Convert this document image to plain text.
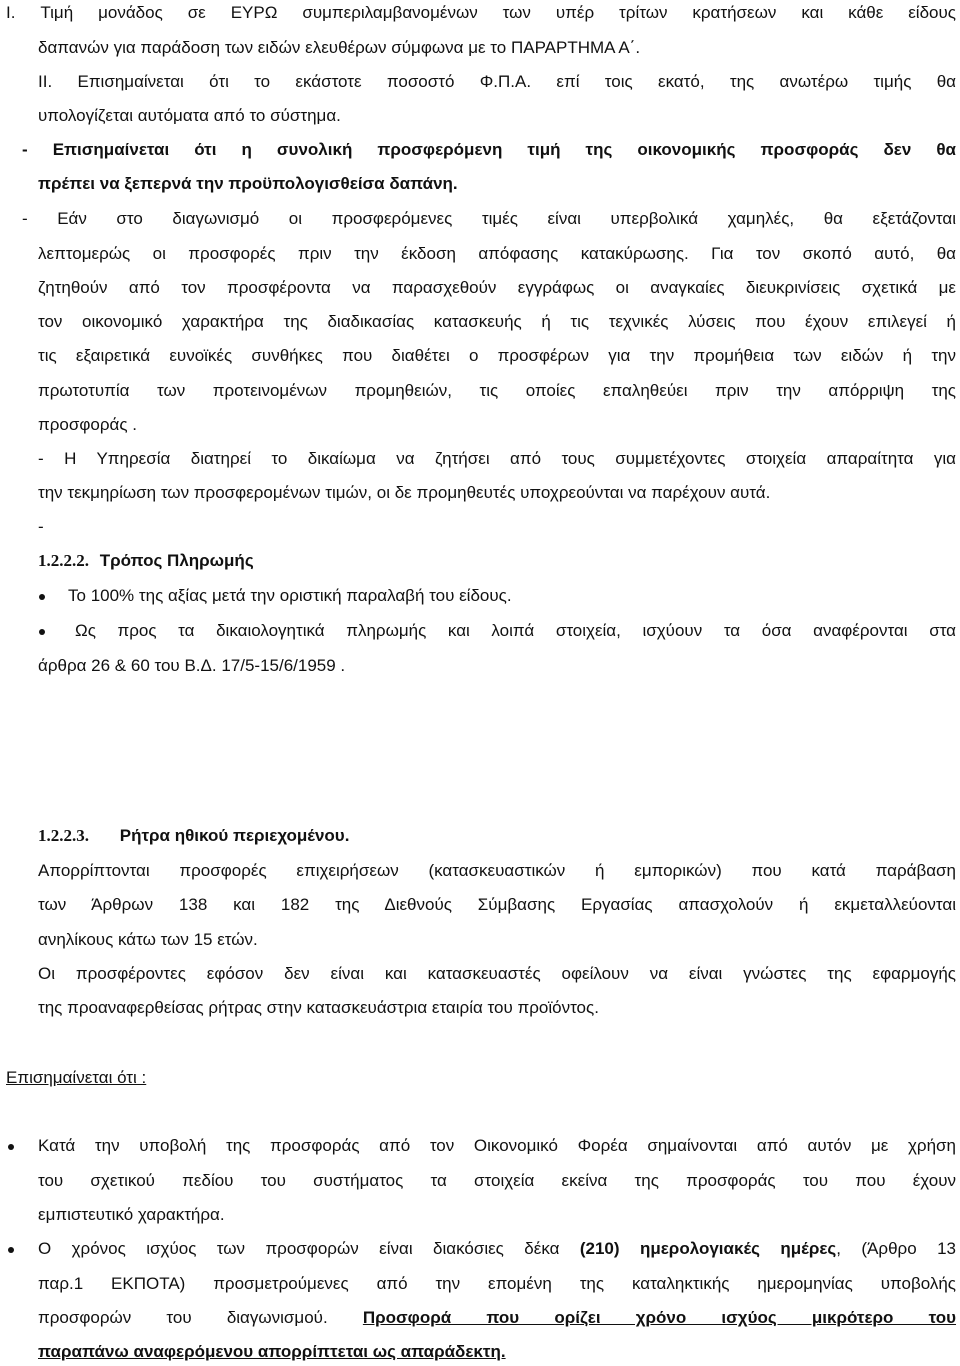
I. Τιμή μονάδος σε ΕΥΡΩ συμπεριλαμβανομένων των υπέρ τρίτων κρατήσεων και κάθε είδους
δαπανών για παράδοση των ειδών ελευθέρων σύμφωνα με το ΠΑΡΑΡΤΗΜΑ Α΄.
II. Επισημαίνεται ότι το εκάστοτε ποσοστό Φ.Π.Α. επί τοις εκατό, της ανωτέρω τιμής θα
υπολογίζεται αυτόματα από το σύστημα.
- Επισημαίνεται ότι η συνολική προσφερόμενη τιμή της οικονομικής προσφοράς δεν θα
πρέπει να ξεπερνά την προϋπολογισθείσα δαπάνη.
- Εάν στο διαγωνισμό οι προσφερόμενες τιμές είναι υπερβολικά χαμηλές, θα εξετάζονται
λεπτομερώς οι προσφορές πριν την έκδοση απόφασης κατακύρωσης. Για τον σκοπό αυτό, θα
ζητηθούν από τον προσφέροντα να παρασχεθούν εγγράφως οι αναγκαίες διευκρινίσεις σχετικά με
τον οικονομικό χαρακτήρα της διαδικασίας κατασκευής ή τις τεχνικές λύσεις που έχουν επιλεγεί ή
τις εξαιρετικά ευνοϊκές συνθήκες που διαθέτει ο προσφέρων για την προμήθεια των ειδών ή την
πρωτοτυπία των προτεινομένων προμηθειών, τις οποίες επαληθεύει πριν την απόρριψη της
προσφοράς .
- Η Υπηρεσία διατηρεί το δικαίωμα να ζητήσει από τους συμμετέχοντες στοιχεία απαραίτητα για
την τεκμηρίωση των προσφερομένων τιμών, οι δε προμηθευτές υποχρεούνται να παρέχουν αυτά.
-
1.2.2.2. Τρόπος Πληρωμής
Το 100% της αξίας μετά την οριστική παραλαβή του είδους.
Ως προς τα δικαιολογητικά πληρωμής και λοιπά στοιχεία, ισχύουν τα όσα αναφέρονται στα
άρθρα 26 & 60 του Β.Δ. 17/5-15/6/1959 .
1.2.2.3. Ρήτρα ηθικού περιεχομένου.
Απορρίπτονται προσφορές επιχειρήσεων (κατασκευαστικών ή εμπορικών) που κατά παράβαση
των Άρθρων 138 και 182 της Διεθνούς Σύμβασης Εργασίας απασχολούν ή εκμεταλλεύονται
ανηλίκους κάτω των 15 ετών.
Οι προσφέροντες εφόσον δεν είναι και κατασκευαστές οφείλουν να είναι γνώστες της εφαρμογής
της προαναφερθείσας ρήτρας στην κατασκευάστρια εταιρία του προϊόντος.
Επισημαίνεται ότι :
Κατά την υποβολή της προσφοράς από τον Οικονομικό Φορέα σημαίνονται από αυτόν με χρήση
του σχετικού πεδίου του συστήματος τα στοιχεία εκείνα της προσφοράς του που έχουν
εμπιστευτικό χαρακτήρα.
Ο χρόνος ισχύος των προσφορών είναι διακόσιες δέκα (210) ημερολογιακές ημέρες, (Άρθρο 13
παρ.1 ΕΚΠΟΤΑ) προσμετρούμενες από την επομένη της καταληκτικής ημερομηνίας υποβολής
προσφορών του διαγωνισμού. Προσφορά που ορίζει χρόνο ισχύος μικρότερο του
παραπάνω αναφερόμενου απορρίπτεται ως απαράδεκτη.
